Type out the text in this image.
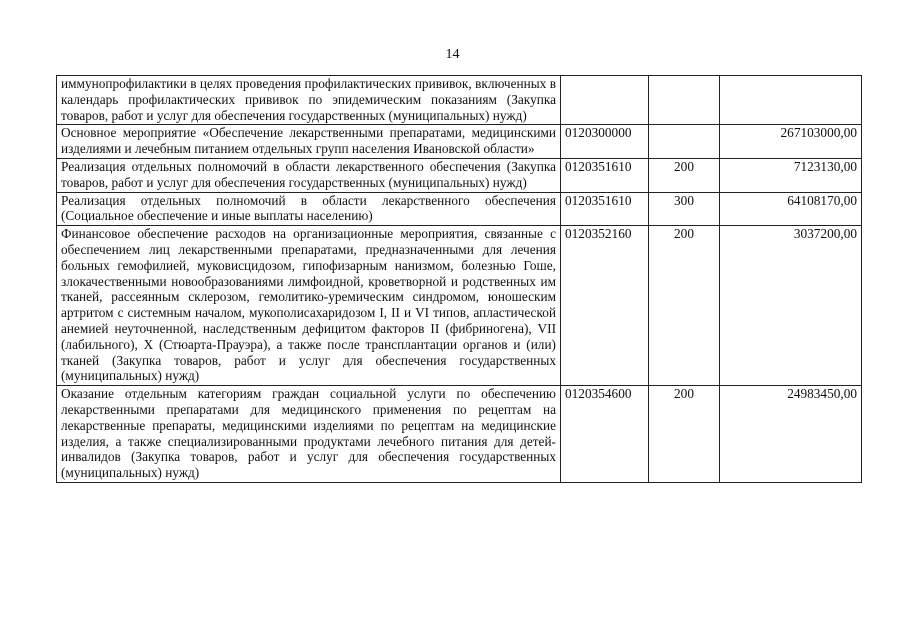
14
иммунопрофилактики в целях проведения профилактических прививок, включенных в календарь профилактических прививок по эпидемическим показаниям (Закупка товаров, работ и услуг для обеспечения государственных (муниципальных) нужд)			
Основное мероприятие «Обеспечение лекарственными препаратами, медицинскими изделиями и лечебным питанием отдельных групп населения Ивановской области»	0120300000		267103000,00
Реализация отдельных полномочий в области лекарственного обеспечения (Закупка товаров, работ и услуг для обеспечения государственных (муниципальных) нужд)	0120351610	200	7123130,00
Реализация отдельных полномочий в области лекарственного обеспечения (Социальное обеспечение и иные выплаты населению)	0120351610	300	64108170,00
Финансовое обеспечение расходов на организационные мероприятия, связанные с обеспечением лиц лекарственными препаратами, предназначенными для лечения больных гемофилией, муковисцидозом, гипофизарным нанизмом, болезнью Гоше, злокачественными новообразованиями лимфоидной, кроветворной и родственных им тканей, рассеянным склерозом, гемолитико-уремическим синдромом, юношеским артритом с системным началом, мукополисахаридозом I, II и VI типов, апластической анемией неуточненной, наследственным дефицитом факторов II (фибриногена), VII (лабильного), X (Стюарта-Прауэра), а также после трансплантации органов и (или) тканей (Закупка товаров, работ и услуг для обеспечения государственных (муниципальных) нужд)	0120352160	200	3037200,00
Оказание отдельным категориям граждан социальной услуги по обеспечению лекарственными препаратами для медицинского применения по рецептам на лекарственные препараты, медицинскими изделиями по рецептам на медицинские изделия, а также специализированными продуктами лечебного питания для детей-инвалидов (Закупка товаров, работ и услуг для обеспечения государственных (муниципальных) нужд)	0120354600	200	24983450,00
